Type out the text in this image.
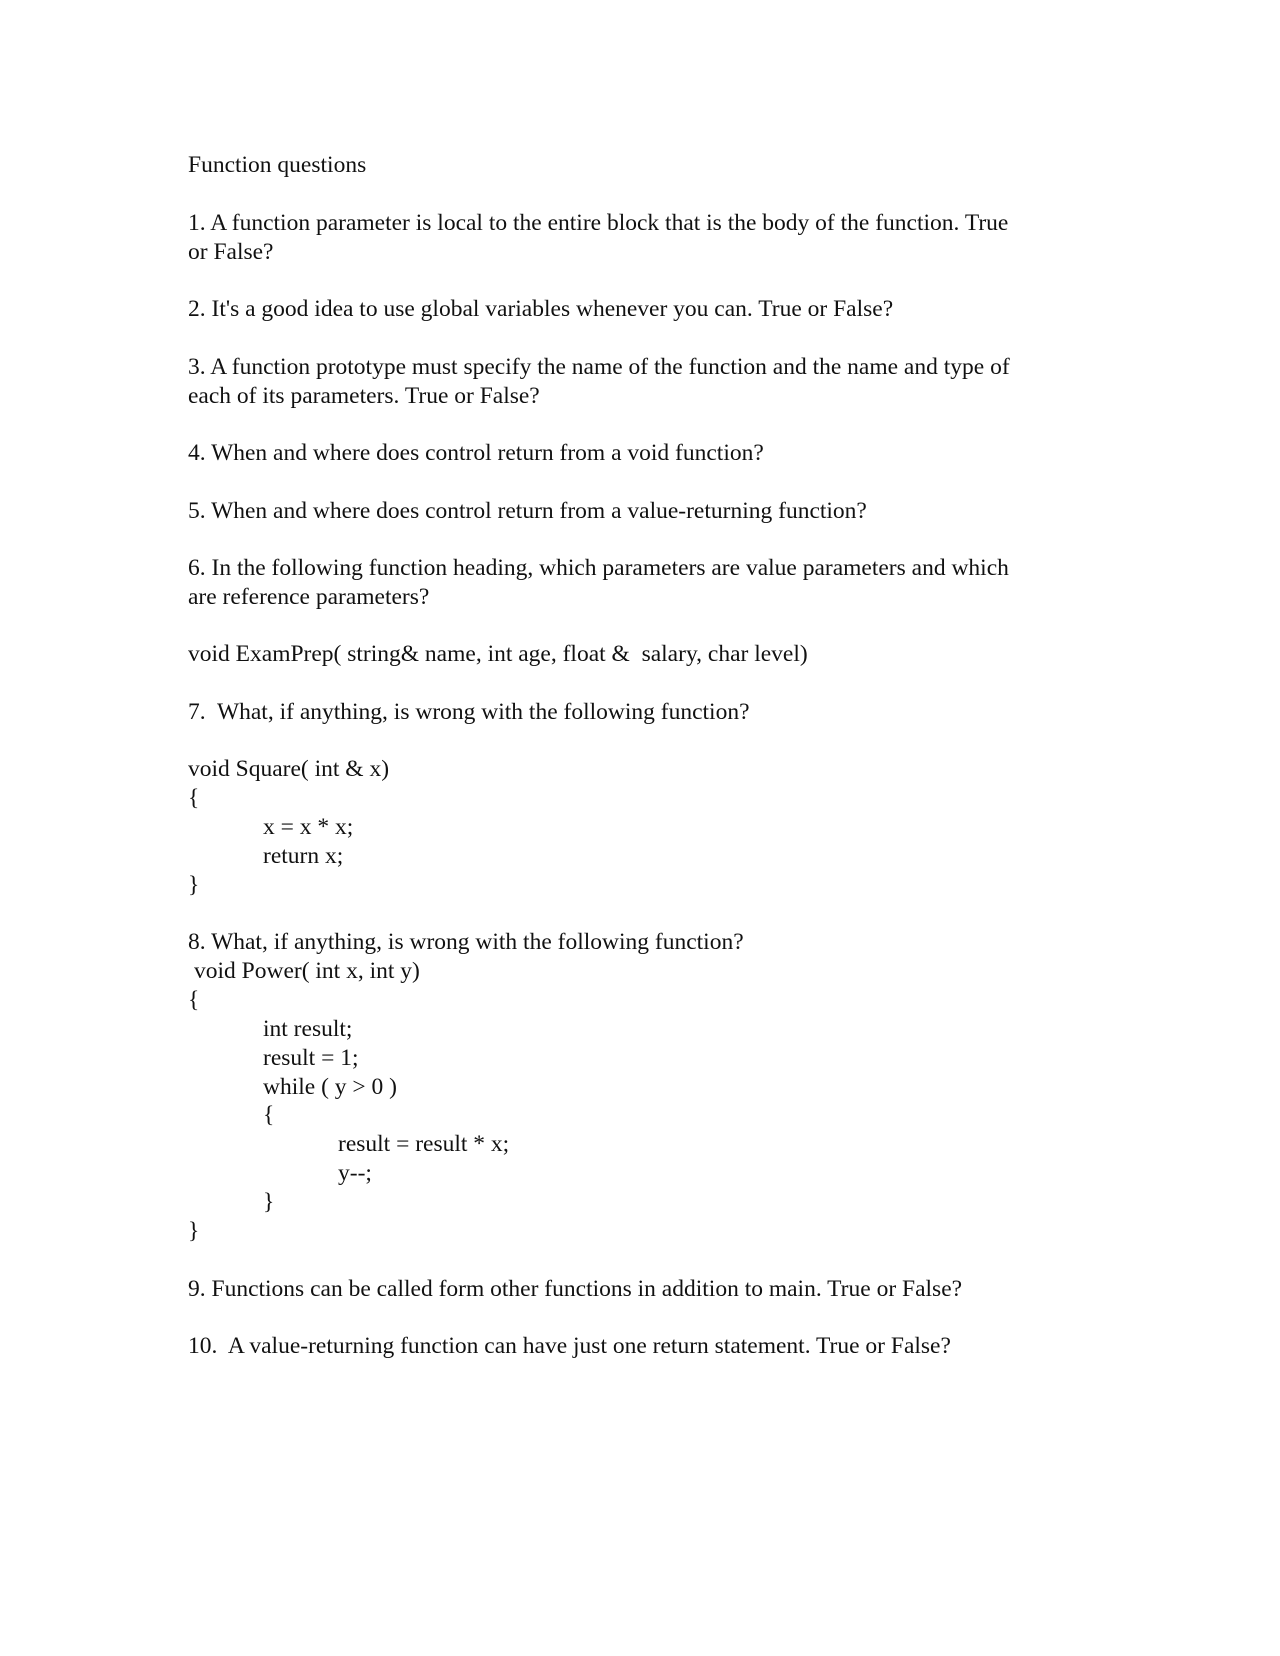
Function questions

1. A function parameter is local to the entire block that is the body of the function. True

or False?

2. It's a good idea to use global variables whenever you can. True or False?

3. A function prototype must specify the name of the function and the name and type of

each of its parameters. True or False?

4. When and where does control return from a void function?

5. When and where does control return from a value-returning function?

6. In the following function heading, which parameters are value parameters and which

are reference parameters?

void ExamPrep( string& name, int age, float &  salary, char level)

7.  What, if anything, is wrong with the following function?

void Square( int & x)

{

x = x * x;

return x;

}

8. What, if anything, is wrong with the following function?

void Power( int x, int y)

{

int result;

result = 1;

while ( y > 0 )

{

result = result * x;

y--;

}

}

9. Functions can be called form other functions in addition to main. True or False?

10.  A value-returning function can have just one return statement. True or False?
